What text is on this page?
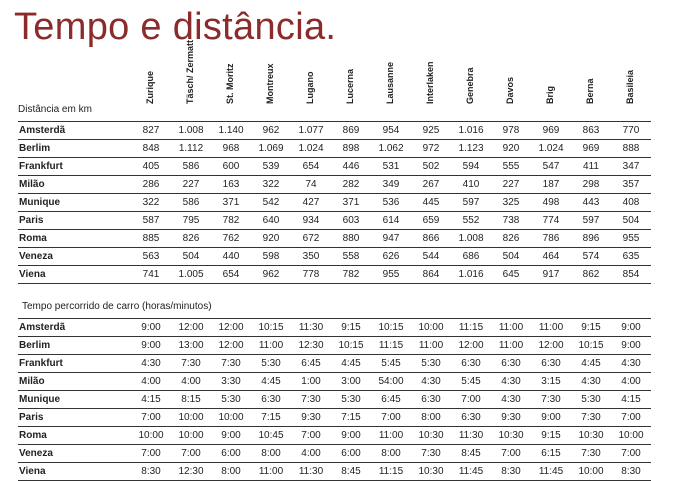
Tempo e distância.
Zurique	Täsch/ Zermatt	St. Moritz	Montreux	Lugano	Lucerna	Lausanne	Interlaken	Genebra	Davos	Brig	Berna	Basileia
Distância em km
Amsterdã	827	1.008	1.140	962	1.077	869	954	925	1.016	978	969	863	770
Berlim	848	1.112	968	1.069	1.024	898	1.062	972	1.123	920	1.024	969	888
Frankfurt	405	586	600	539	654	446	531	502	594	555	547	411	347
Milão	286	227	163	322	74	282	349	267	410	227	187	298	357
Munique	322	586	371	542	427	371	536	445	597	325	498	443	408
Paris	587	795	782	640	934	603	614	659	552	738	774	597	504
Roma	885	826	762	920	672	880	947	866	1.008	826	786	896	955
Veneza	563	504	440	598	350	558	626	544	686	504	464	574	635
Viena	741	1.005	654	962	778	782	955	864	1.016	645	917	862	854
Tempo percorrido de carro (horas/minutos)
Amsterdã	9:00	12:00	12:00	10:15	11:30	9:15	10:15	10:00	11:15	11:00	11:00	9:15	9:00
Berlim	9:00	13:00	12:00	11:00	12:30	10:15	11:15	11:00	12:00	11:00	12:00	10:15	9:00
Frankfurt	4:30	7:30	7:30	5:30	6:45	4:45	5:45	5:30	6:30	6:30	6:30	4:45	4:30
Milão	4:00	4:00	3:30	4:45	1:00	3:00	54:00	4:30	5:45	4:30	3:15	4:30	4:00
Munique	4:15	8:15	5:30	6:30	7:30	5:30	6:45	6:30	7:00	4:30	7:30	5:30	4:15
Paris	7:00	10:00	10:00	7:15	9:30	7:15	7:00	8:00	6:30	9:30	9:00	7:30	7:00
Roma	10:00	10:00	9:00	10:45	7:00	9:00	11:00	10:30	11:30	10:30	9:15	10:30	10:00
Veneza	7:00	7:00	6:00	8:00	4:00	6:00	8:00	7:30	8:45	7:00	6:15	7:30	7:00
Viena	8:30	12:30	8:00	11:00	11:30	8:45	11:15	10:30	11:45	8:30	11:45	10:00	8:30
